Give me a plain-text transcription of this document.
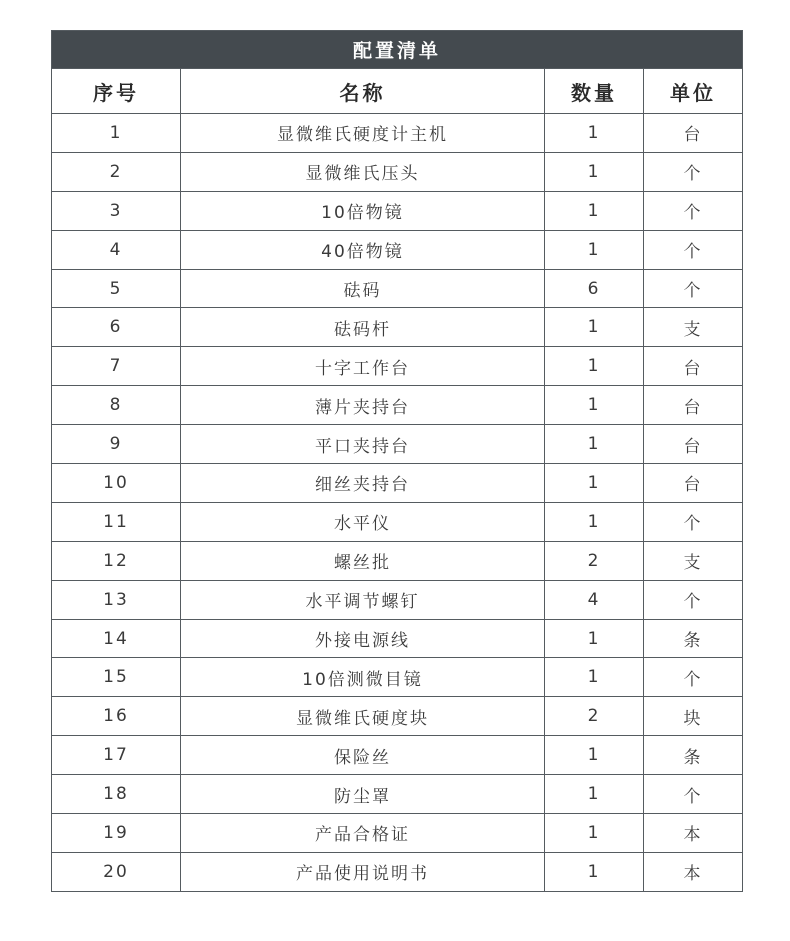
配置清单			
序号	名称	数量	单位
1	显微维氏硬度计主机	1	台
2	显微维氏压头	1	个
3	10倍物镜	1	个
4	40倍物镜	1	个
5	砝码	6	个
6	砝码杆	1	支
7	十字工作台	1	台
8	薄片夹持台	1	台
9	平口夹持台	1	台
10	细丝夹持台	1	台
11	水平仪	1	个
12	螺丝批	2	支
13	水平调节螺钉	4	个
14	外接电源线	1	条
15	10倍测微目镜	1	个
16	显微维氏硬度块	2	块
17	保险丝	1	条
18	防尘罩	1	个
19	产品合格证	1	本
20	产品使用说明书	1	本
